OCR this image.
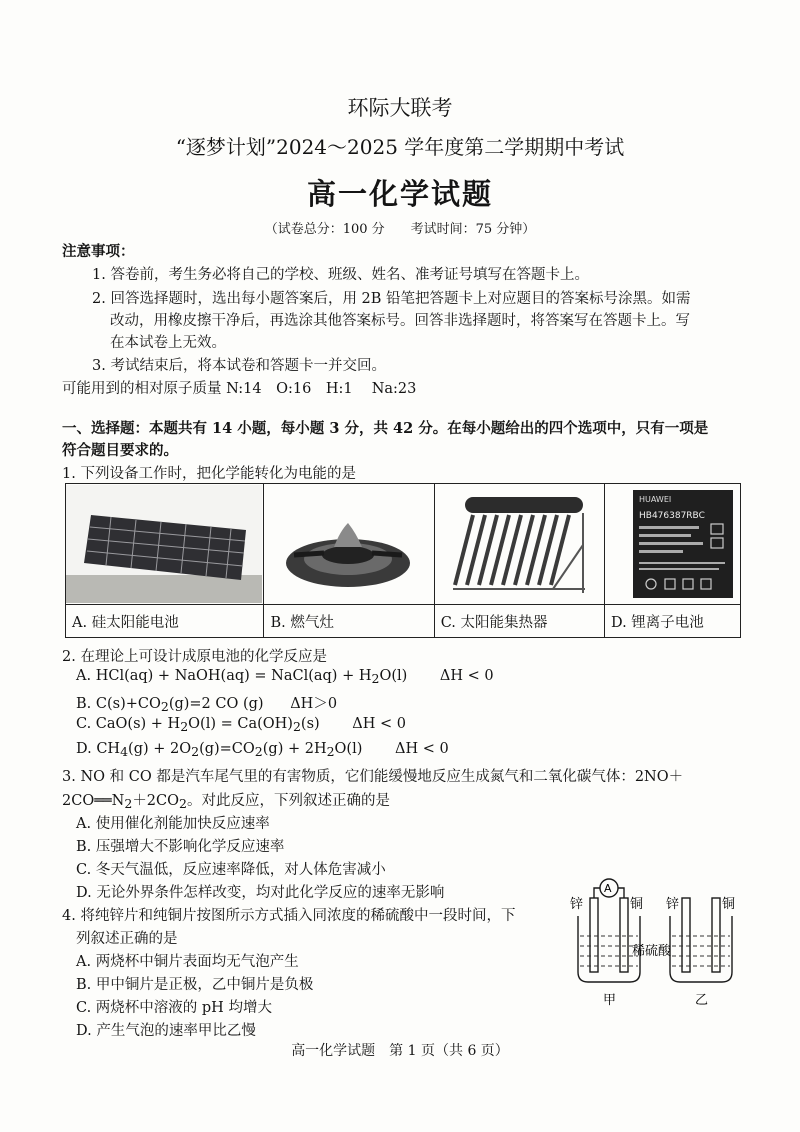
环际大联考
“逐梦计划”2024～2025 学年度第二学期期中考试
高一化学试题
（试卷总分：100 分　　考试时间：75 分钟）
注意事项：
1. 答卷前，考生务必将自己的学校、班级、姓名、准考证号填写在答题卡上。
2. 回答选择题时，选出每小题答案后，用 2B 铅笔把答题卡上对应题目的答案标号涂黑。如需
改动，用橡皮擦干净后，再选涂其他答案标号。回答非选择题时，将答案写在答题卡上。写
在本试卷上无效。
3. 考试结束后，将本试卷和答题卡一并交回。
可能用到的相对原子质量 N:14　O:16　H:1　 Na:23
一、选择题：本题共有 14 小题，每小题 3 分，共 42 分。在每小题给出的四个选项中，只有一项是
符合题目要求的。
1. 下列设备工作时，把化学能转化为电能的是

HUAWEI
HB476387RBC

A. 硅太阳能电池	B. 燃气灶	C. 太阳能集热器	D. 锂离子电池
2. 在理论上可设计成原电池的化学反应是
A. HCl(aq) + NaOH(aq) = NaCl(aq) + H2O(l) ΔH < 0
B. C(s)+CO2(g)=2 CO (g) ΔH＞0
C. CaO(s) + H2O(l) = Ca(OH)2(s) ΔH < 0
D. CH4(g) + 2O2(g)=CO2(g) + 2H2O(l) ΔH < 0
3. NO 和 CO 都是汽车尾气里的有害物质，它们能缓慢地反应生成氮气和二氧化碳气体：2NO＋
2CO══N2＋2CO2。对此反应，下列叙述正确的是
A. 使用催化剂能加快反应速率
B. 压强增大不影响化学反应速率
C. 冬天气温低，反应速率降低，对人体危害减小
D. 无论外界条件怎样改变，均对此化学反应的速率无影响
4. 将纯锌片和纯铜片按图所示方式插入同浓度的稀硫酸中一段时间，下
列叙述正确的是
A. 两烧杯中铜片表面均无气泡产生
B. 甲中铜片是正极，乙中铜片是负极
C. 两烧杯中溶液的 pH 均增大
D. 产生气泡的速率甲比乙慢
A
锌	铜 锌	铜
稀硫酸
甲	乙
高一化学试题　第 1 页（共 6 页）
